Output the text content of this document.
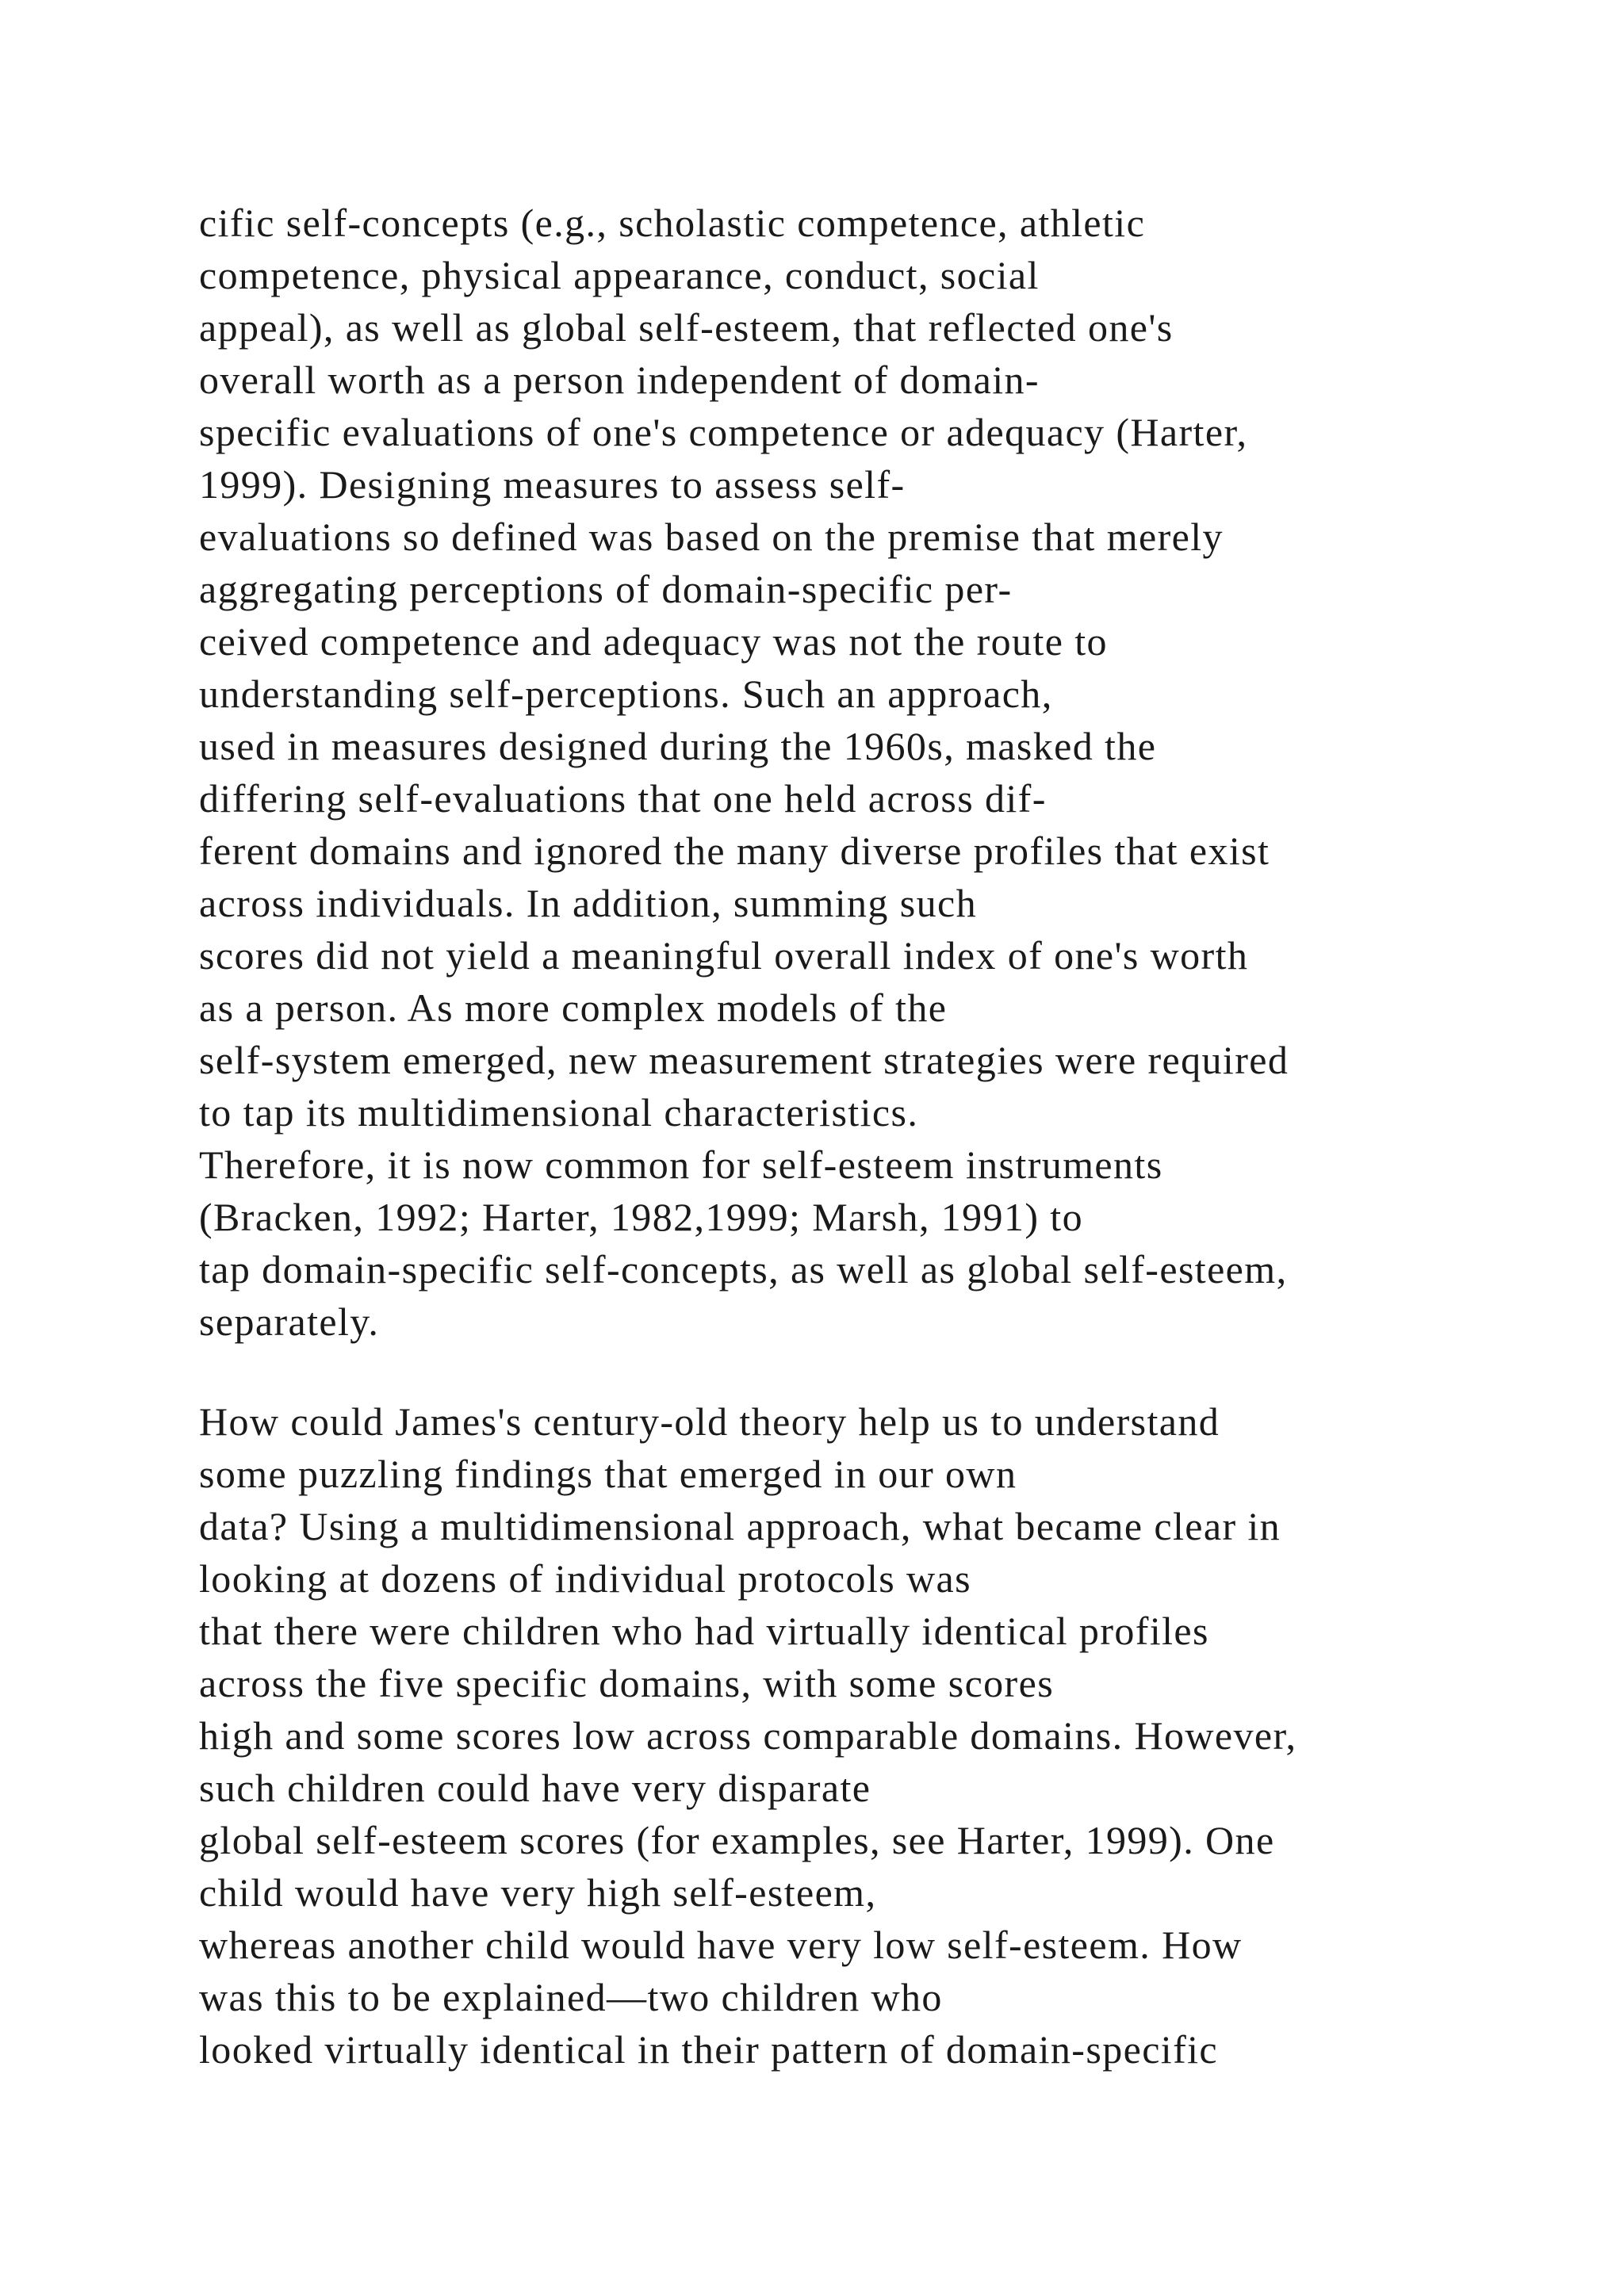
cific self-concepts (e.g., scholastic competence, athletic
competence, physical appearance, conduct, social
appeal), as well as global self-esteem, that reflected one's
overall worth as a person independent of domain-
specific evaluations of one's competence or adequacy (Harter,
1999). Designing measures to assess self-
evaluations so defined was based on the premise that merely
aggregating perceptions of domain-specific per-
ceived competence and adequacy was not the route to
understanding self-perceptions. Such an approach,
used in measures designed during the 1960s, masked the
differing self-evaluations that one held across dif-
ferent domains and ignored the many diverse profiles that exist
across individuals. In addition, summing such
scores did not yield a meaningful overall index of one's worth
as a person. As more complex models of the
self-system emerged, new measurement strategies were required
to tap its multidimensional characteristics.
Therefore, it is now common for self-esteem instruments
(Bracken, 1992; Harter, 1982,1999; Marsh, 1991) to
tap domain-specific self-concepts, as well as global self-esteem,
separately.
How could James's century-old theory help us to understand
some puzzling findings that emerged in our own
data? Using a multidimensional approach, what became clear in
looking at dozens of individual protocols was
that there were children who had virtually identical profiles
across the five specific domains, with some scores
high and some scores low across comparable domains. However,
such children could have very disparate
global self-esteem scores (for examples, see Harter, 1999). One
child would have very high self-esteem,
whereas another child would have very low self-esteem. How
was this to be explained—two children who
looked virtually identical in their pattern of domain-specific
